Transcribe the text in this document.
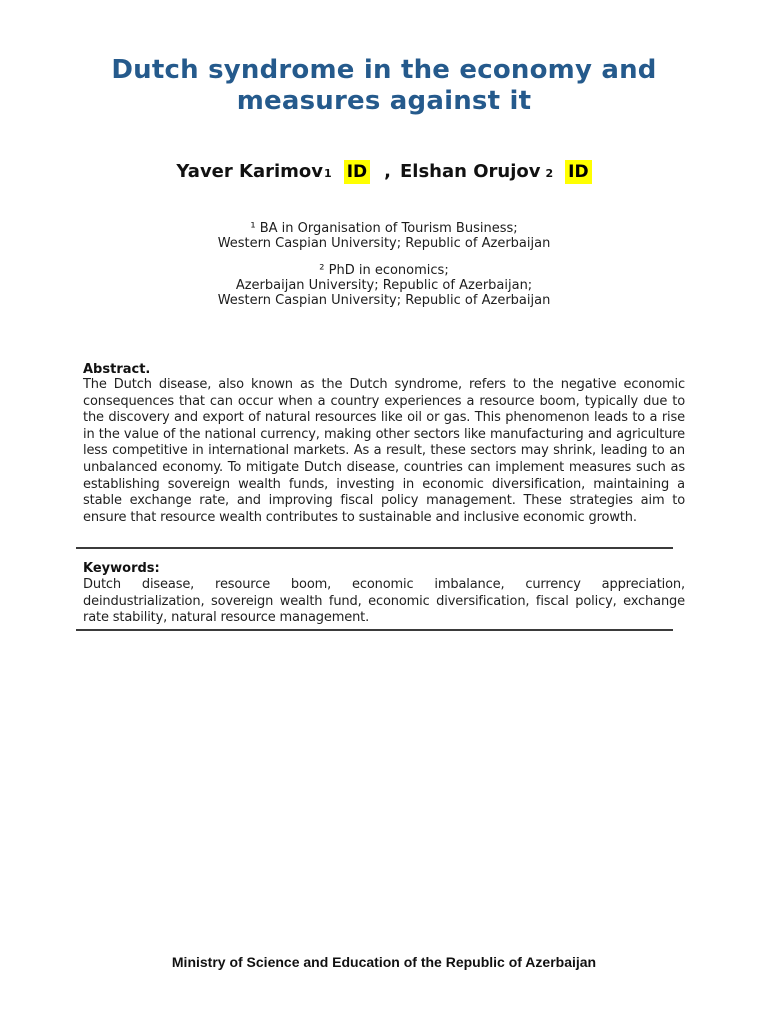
Dutch syndrome in the economy and measures against it
Yaver Karimov 1 ID , Elshan Orujov 2 ID
¹ BA in Organisation of Tourism Business;
Western Caspian University; Republic of Azerbaijan
² PhD in economics;
Azerbaijan University; Republic of Azerbaijan;
Western Caspian University; Republic of Azerbaijan
Abstract.
The Dutch disease, also known as the Dutch syndrome, refers to the negative economic consequences that can occur when a country experiences a resource boom, typically due to the discovery and export of natural resources like oil or gas. This phenomenon leads to a rise in the value of the national currency, making other sectors like manufacturing and agriculture less competitive in international markets. As a result, these sectors may shrink, leading to an unbalanced economy. To mitigate Dutch disease, countries can implement measures such as establishing sovereign wealth funds, investing in economic diversification, maintaining a stable exchange rate, and improving fiscal policy management. These strategies aim to ensure that resource wealth contributes to sustainable and inclusive economic growth.
Keywords:
Dutch disease, resource boom, economic imbalance, currency appreciation, deindustrialization, sovereign wealth fund, economic diversification, fiscal policy, exchange rate stability, natural resource management.
Ministry of Science and Education of the Republic of Azerbaijan
